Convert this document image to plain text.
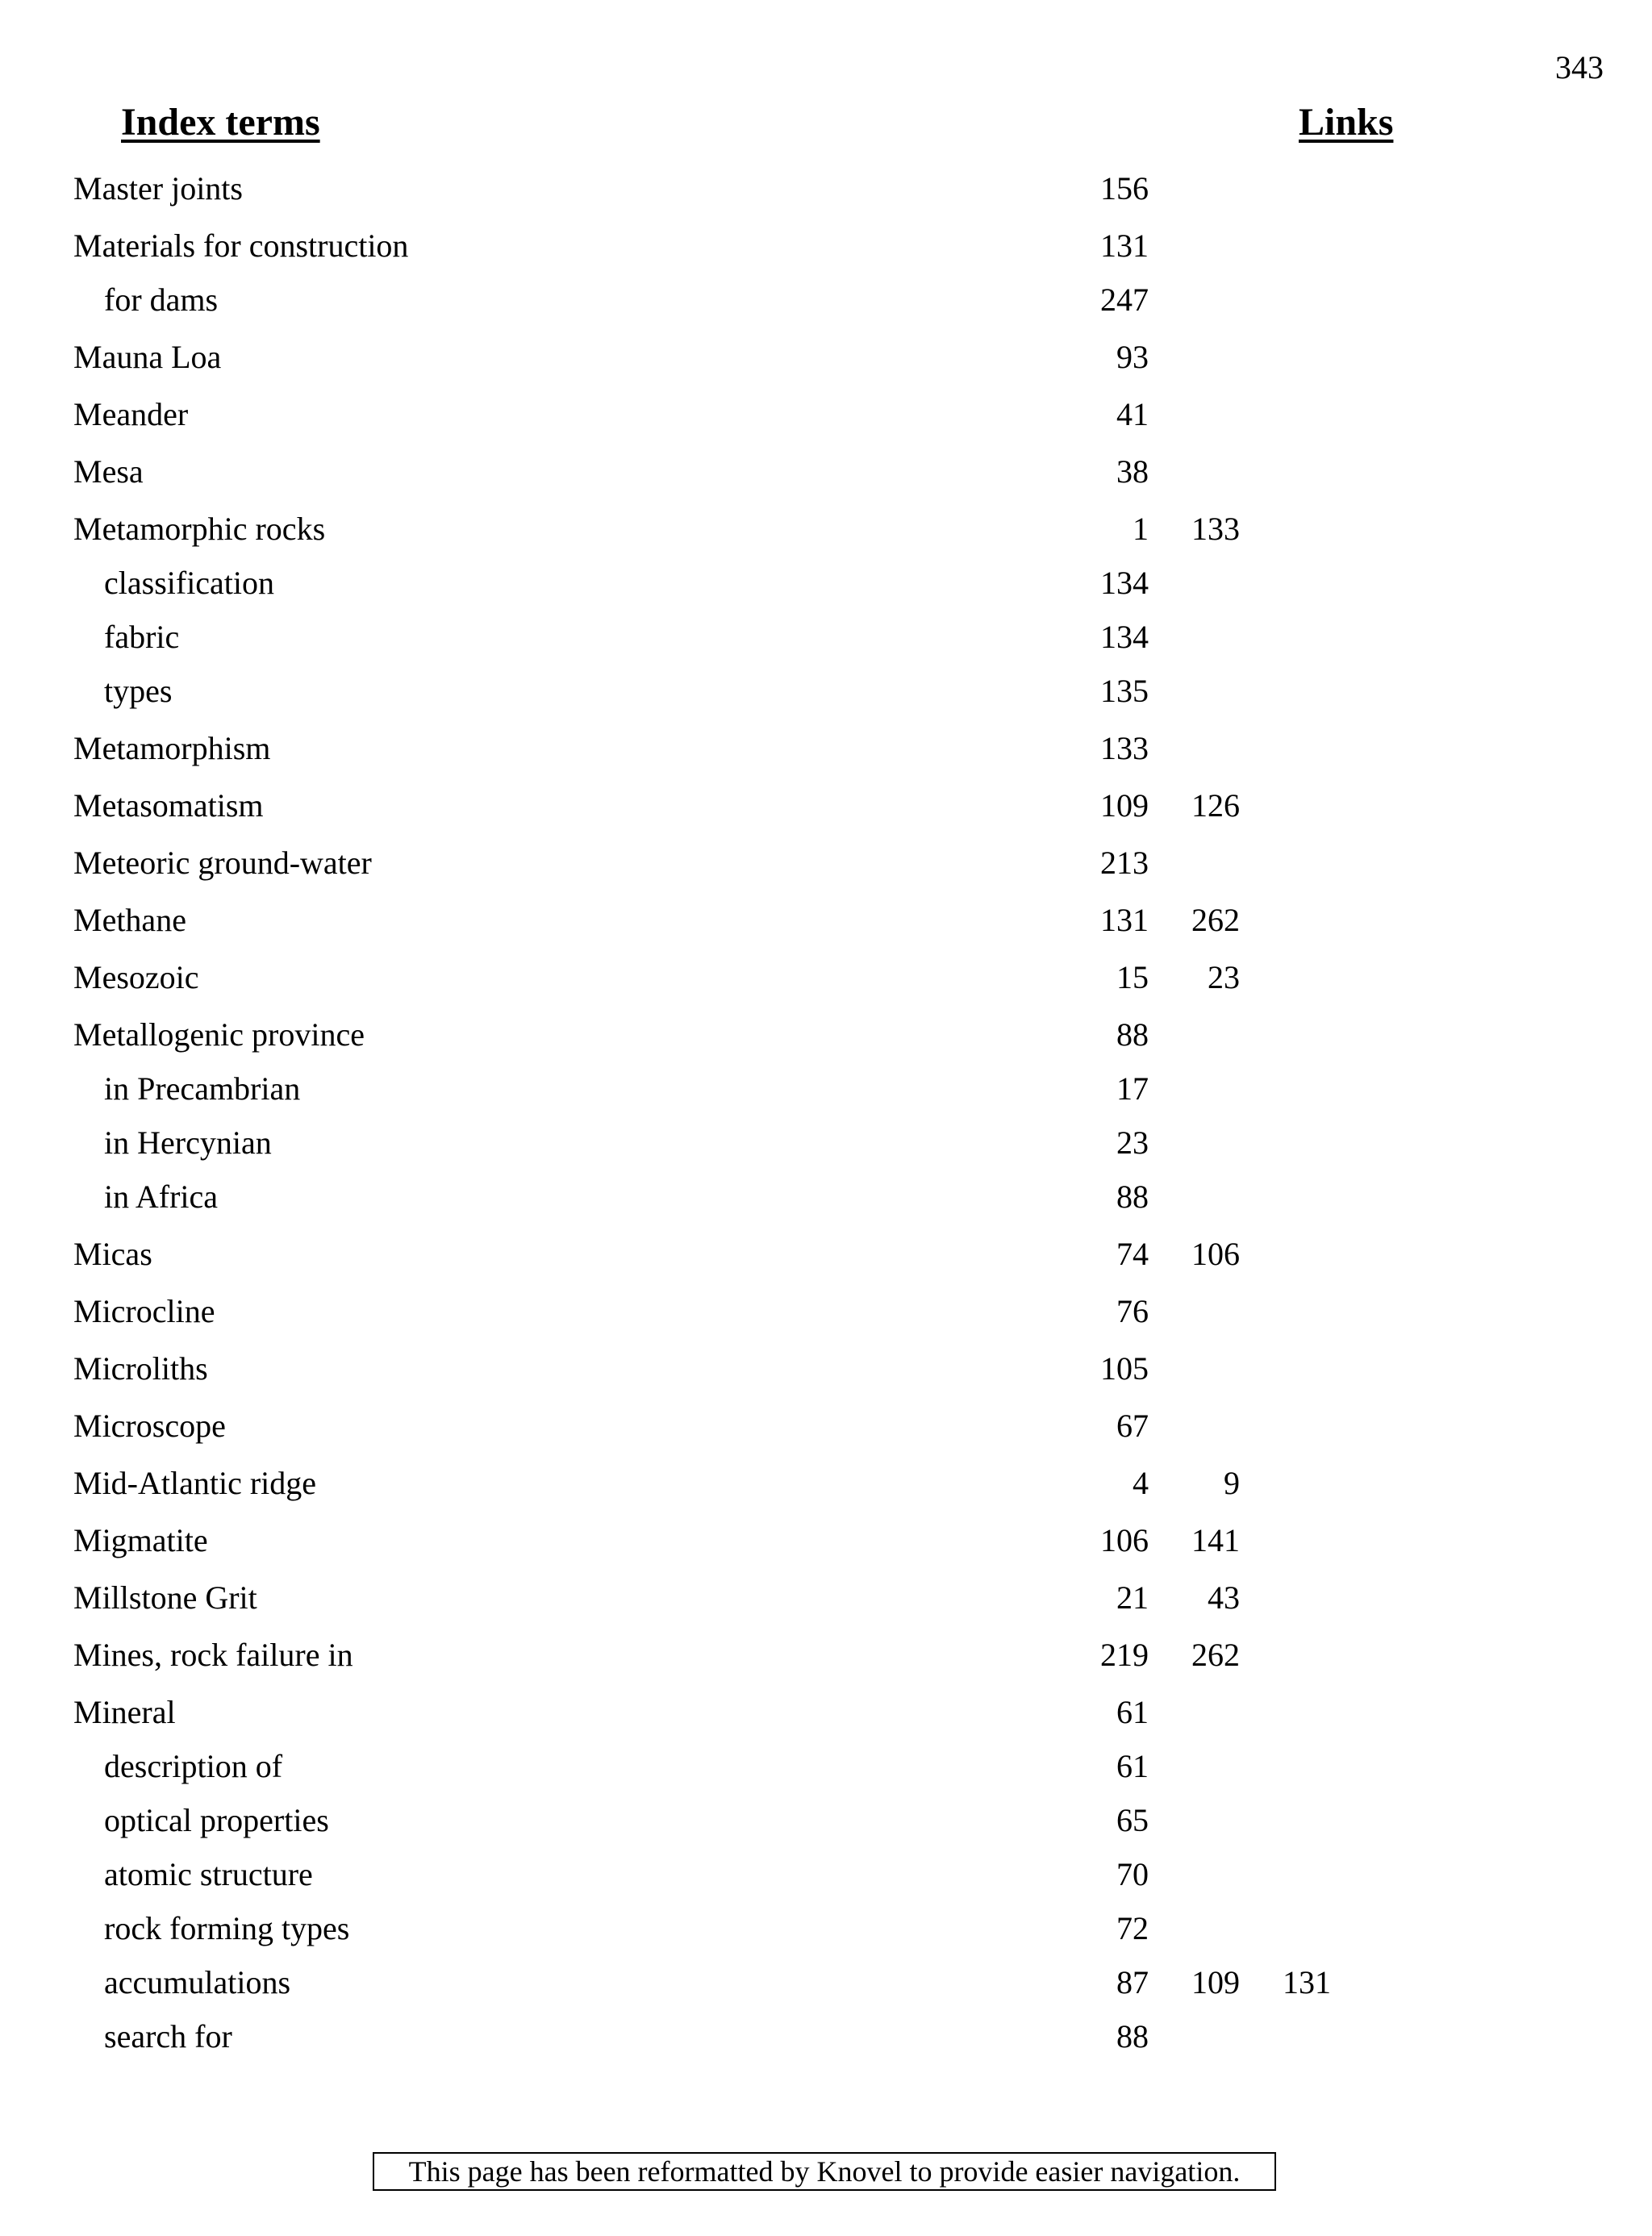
343
Index terms	Links
Master joints	156
Materials for construction	131
for dams	247
Mauna Loa	93
Meander	41
Mesa	38
Metamorphic rocks	1	133
classification	134
fabric	134
types	135
Metamorphism	133
Metasomatism	109	126
Meteoric ground-water	213
Methane	131	262
Mesozoic	15	23
Metallogenic province	88
in Precambrian	17
in Hercynian	23
in Africa	88
Micas	74	106
Microcline	76
Microliths	105
Microscope	67
Mid-Atlantic ridge	4	9
Migmatite	106	141
Millstone Grit	21	43
Mines, rock failure in	219	262
Mineral	61
description of	61
optical properties	65
atomic structure	70
rock forming types	72
accumulations	87	109	131
search for	88
This page has been reformatted by Knovel to provide easier navigation.
